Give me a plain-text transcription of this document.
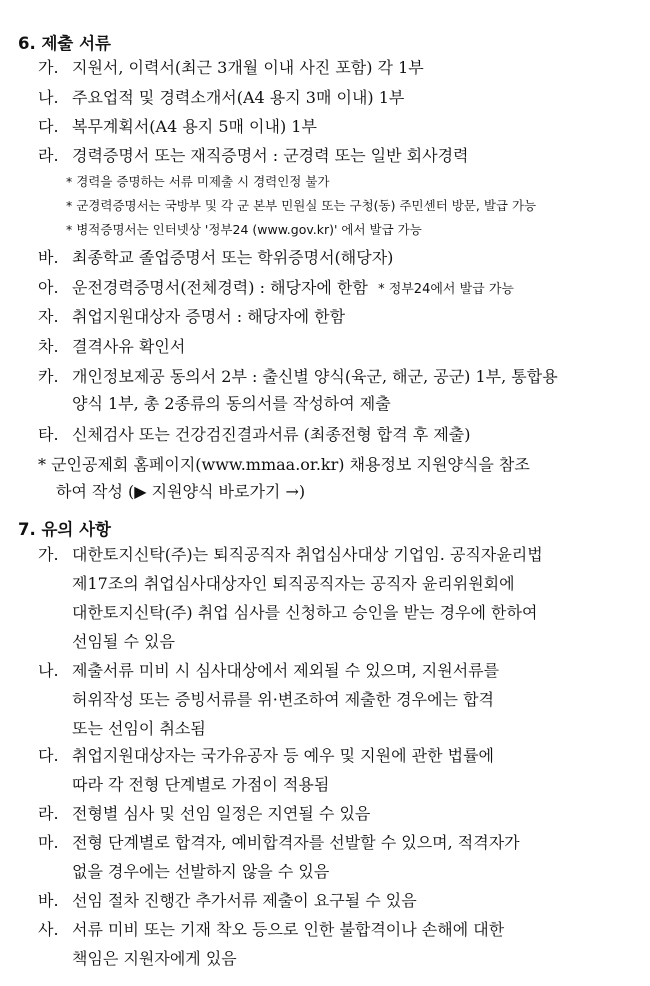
6. 제출 서류
가. 지원서, 이력서(최근 3개월 이내 사진 포함) 각 1부
나. 주요업적 및 경력소개서(A4 용지 3매 이내) 1부
다. 복무계획서(A4 용지 5매 이내) 1부
라. 경력증명서 또는 재직증명서 : 군경력 또는 일반 회사경력
* 경력을 증명하는 서류 미제출 시 경력인정 불가
* 군경력증명서는 국방부 및 각 군 본부 민원실 또는 구청(동) 주민센터 방문, 발급 가능
* 병적증명서는 인터넷상 '정부24 (www.gov.kr)' 에서 발급 가능
바. 최종학교 졸업증명서 또는 학위증명서(해당자)
아. 운전경력증명서(전체경력) : 해당자에 한함 * 정부24에서 발급 가능
자. 취업지원대상자 증명서 : 해당자에 한함
차. 결격사유 확인서
카. 개인정보제공 동의서 2부 : 출신별 양식(육군, 해군, 공군) 1부, 통합용
양식 1부, 총 2종류의 동의서를 작성하여 제출
타. 신체검사 또는 건강검진결과서류 (최종전형 합격 후 제출)
* 군인공제회 홈페이지(www.mmaa.or.kr) 채용정보 지원양식을 참조
하여 작성 (▶ 지원양식 바로가기 →)
7. 유의 사항
가. 대한토지신탁(주)는 퇴직공직자 취업심사대상 기업임. 공직자윤리법
제17조의 취업심사대상자인 퇴직공직자는 공직자 윤리위원회에
대한토지신탁(주) 취업 심사를 신청하고 승인을 받는 경우에 한하여
선임될 수 있음
나. 제출서류 미비 시 심사대상에서 제외될 수 있으며, 지원서류를
허위작성 또는 증빙서류를 위·변조하여 제출한 경우에는 합격
또는 선임이 취소됨
다. 취업지원대상자는 국가유공자 등 예우 및 지원에 관한 법률에
따라 각 전형 단계별로 가점이 적용됨
라. 전형별 심사 및 선임 일정은 지연될 수 있음
마. 전형 단계별로 합격자, 예비합격자를 선발할 수 있으며, 적격자가
없을 경우에는 선발하지 않을 수 있음
바. 선임 절차 진행간 추가서류 제출이 요구될 수 있음
사. 서류 미비 또는 기재 착오 등으로 인한 불합격이나 손해에 대한
책임은 지원자에게 있음
